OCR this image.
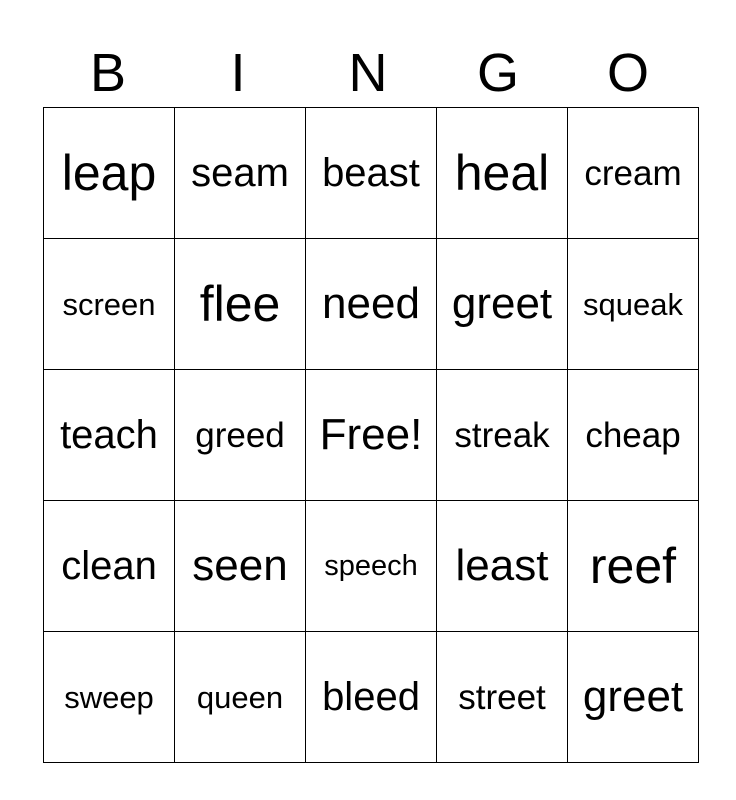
B	I	N	G	O
leap	seam	beast	heal	cream
screen	flee	need	greet	squeak
teach	greed	Free!	streak	cheap
clean	seen	speech	least	reef
sweep	queen	bleed	street	greet
